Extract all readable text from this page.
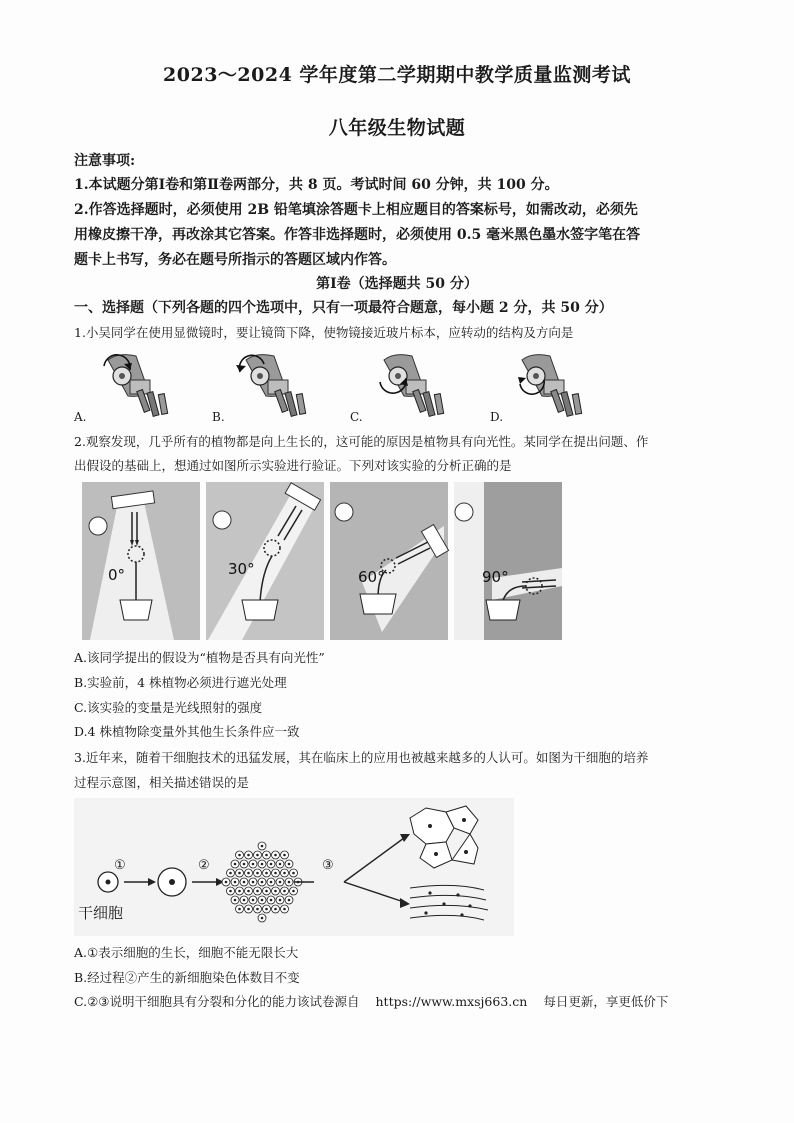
2023～2024 学年度第二学期期中教学质量监测考试
八年级生物试题
注意事项:
1.本试题分第Ⅰ卷和第Ⅱ卷两部分，共 8 页。考试时间 60 分钟，共 100 分。
2.作答选择题时，必须使用 2B 铅笔填涂答题卡上相应题目的答案标号，如需改动，必须先
用橡皮擦干净，再改涂其它答案。作答非选择题时，必须使用 0.5 毫米黑色墨水签字笔在答
题卡上书写，务必在题号所指示的答题区域内作答。
第Ⅰ卷（选择题共 50 分）
一、选择题（下列各题的四个选项中，只有一项最符合题意，每小题 2 分，共 50 分）
1.小吴同学在使用显微镜时，要让镜筒下降，使物镜接近玻片标本，应转动的结构及方向是
A.	B.	C.	D.
2.观察发现，几乎所有的植物都是向上生长的，这可能的原因是植物具有向光性。某同学在提出问题、作
出假设的基础上，想通过如图所示实验进行验证。下列对该实验的分析正确的是
0°	30°	60°	90°
A.该同学提出的假设为“植物是否具有向光性”
B.实验前，4 株植物必须进行遮光处理
C.该实验的变量是光线照射的强度
D.4 株植物除变量外其他生长条件应一致
3.近年来，随着干细胞技术的迅猛发展，其在临床上的应用也被越来越多的人认可。如图为干细胞的培养
过程示意图，相关描述错误的是
①	②	③
干细胞
A.①表示细胞的生长，细胞不能无限长大
B.经过程②产生的新细胞染色体数目不变
C.②③说明干细胞具有分裂和分化的能力该试卷源自 https://www.mxsj663.cn 每日更新，享更低价下
